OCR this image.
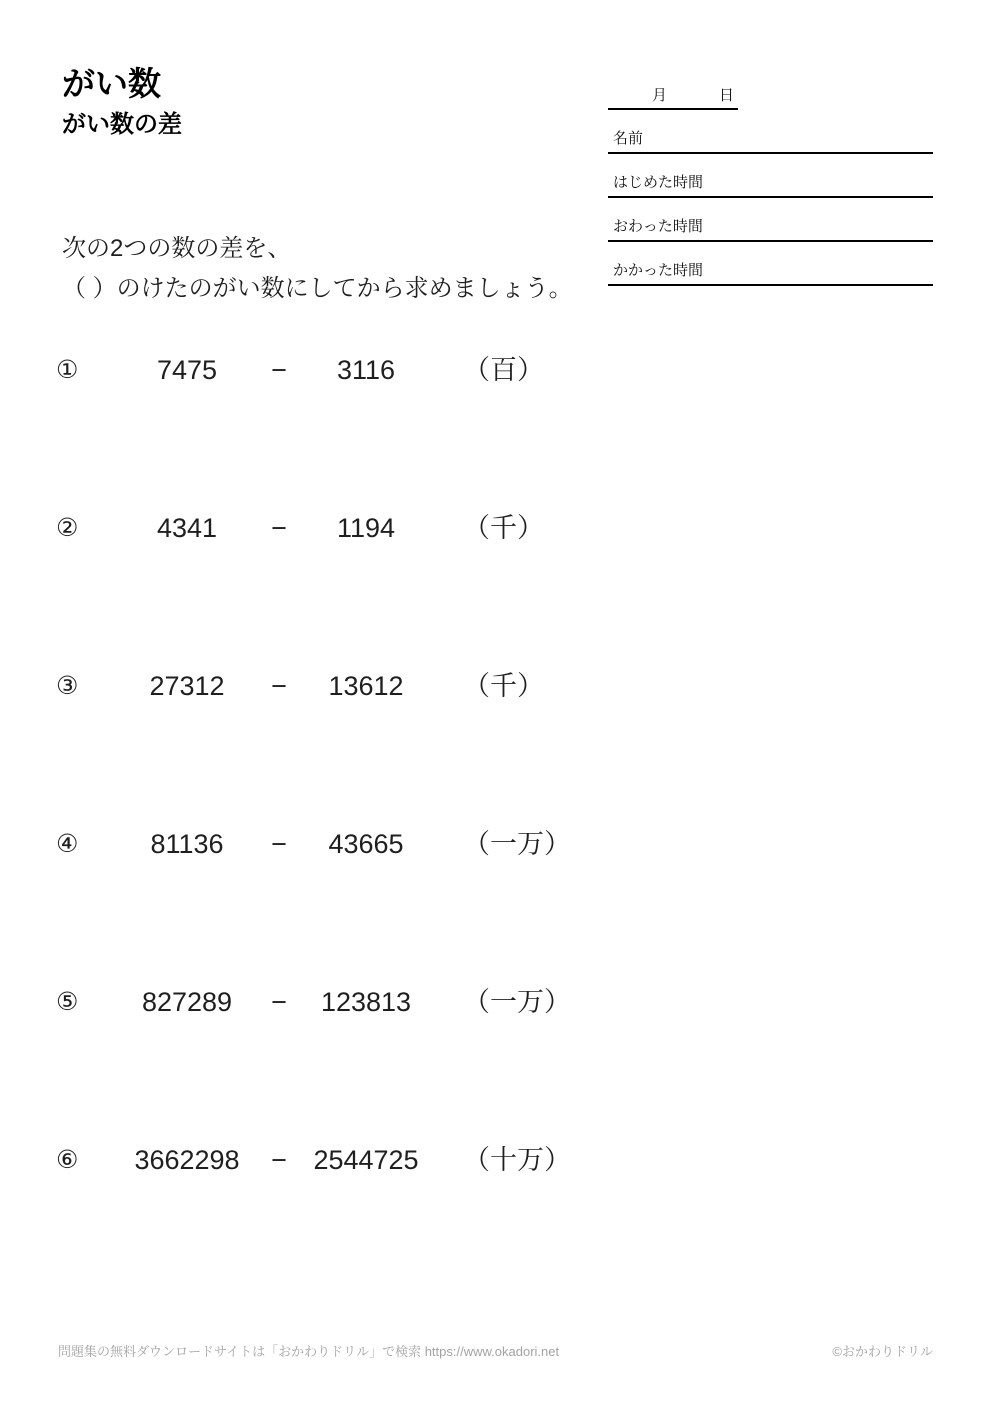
がい数
がい数の差
月	日
名前
はじめた時間
おわった時間
かかった時間

次の2つの数の差を、

（ ）のけたのがい数にしてから求めましょう。

①	7475	−	3116	（百）
②	4341	−	1194	（千）
③	27312	−	13612	（千）
④	81136	−	43665	（一万）
⑤	827289	−	123813	（一万）
⑥	3662298	− 2544725	（十万）
問題集の無料ダウンロードサイトは「おかわりドリル」で検索 https://www.okadori.net	©おかわりドリル
